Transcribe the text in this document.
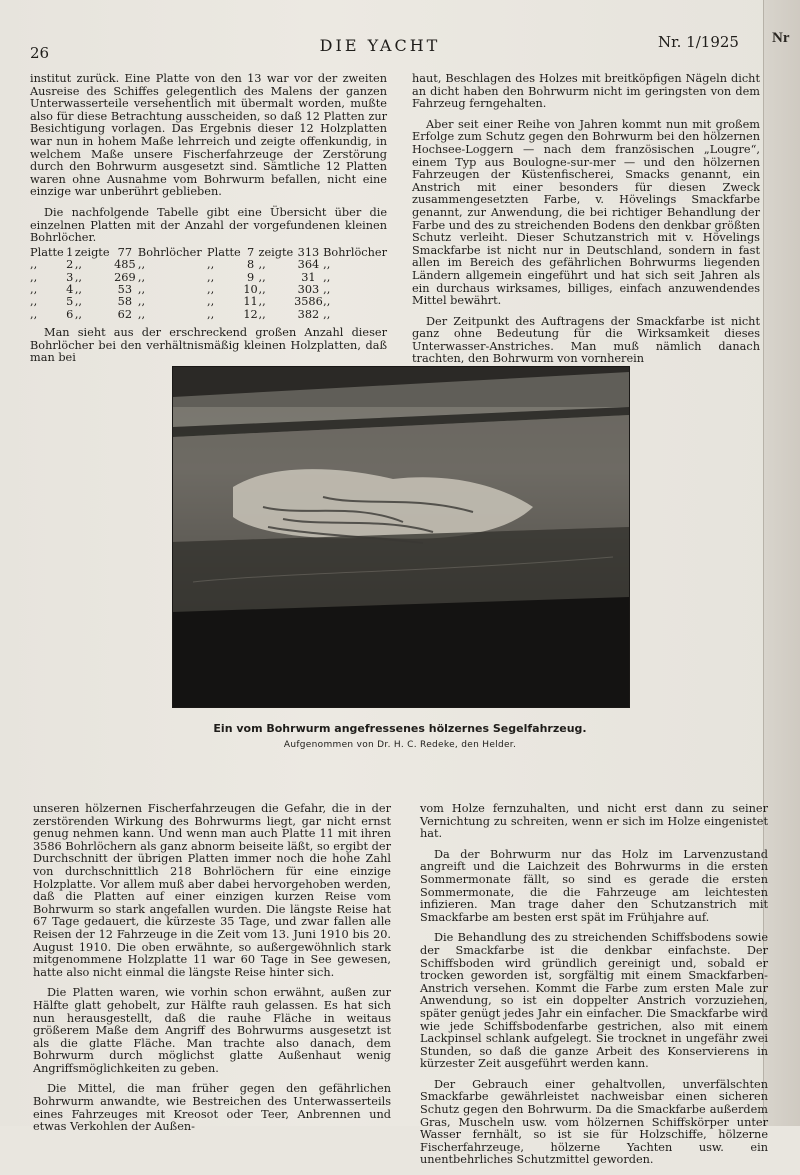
Nr
26	DIE YACHT	Nr. 1/1925

institut zurück. Eine Platte von den 13 war vor der zweiten Ausreise des Schiffes gelegentlich des Malens der ganzen Unterwasserteile versehentlich mit übermalt worden, mußte also für diese Betrachtung ausscheiden, so daß 12 Platten zur Besichtigung vorlagen. Das Ergebnis dieser 12 Holzplatten war nun in hohem Maße lehrreich und zeigte offenkundig, in welchem Maße unsere Fischerfahrzeuge der Zerstörung durch den Bohrwurm ausgesetzt sind. Sämtliche 12 Platten waren ohne Ausnahme vom Bohrwurm befallen, nicht eine einzige war unberührt geblieben.

Die nachfolgende Tabelle gibt eine Übersicht über die einzelnen Platten mit der Anzahl der vorgefundenen kleinen Bohrlöcher.

Platte	1	zeigte	77	Bohrlöcher	Platte	7	zeigte	313	Bohrlöcher
,,	2	,,	485	,,	,,	8	,,	364	,,
,,	3	,,	269	,,	,,	9	,,	31	,,
,,	4	,,	53	,,	,,	10	,,	303	,,
,,	5	,,	58	,,	,,	11	,,	3586	,,
,,	6	,,	62	,,	,,	12	,,	382	,,

Man sieht aus der erschreckend großen Anzahl dieser Bohrlöcher bei den verhältnismäßig kleinen Holzplatten, daß man bei

haut, Beschlagen des Holzes mit breitköpfigen Nägeln dicht an dicht haben den Bohrwurm nicht im geringsten von dem Fahrzeug ferngehalten.

Aber seit einer Reihe von Jahren kommt nun mit großem Erfolge zum Schutz gegen den Bohrwurm bei den hölzernen Hochsee-Loggern — nach dem französischen „Lougre“, einem Typ aus Boulogne-sur-mer — und den hölzernen Fahrzeugen der Küstenfischerei, Smacks genannt, ein Anstrich mit einer besonders für diesen Zweck zusammengesetzten Farbe, v. Hövelings Smackfarbe genannt, zur Anwendung, die bei richtiger Behandlung der Farbe und des zu streichenden Bodens den denkbar größten Schutz verleiht. Dieser Schutzanstrich mit v. Hövelings Smackfarbe ist nicht nur in Deutschland, sondern in fast allen im Bereich des gefährlichen Bohrwurms liegenden Ländern allgemein eingeführt und hat sich seit Jahren als ein durchaus wirksames, billiges, einfach anzuwendendes Mittel bewährt.

Der Zeitpunkt des Auftragens der Smackfarbe ist nicht ganz ohne Bedeutung für die Wirksamkeit dieses Unterwasser-Anstriches. Man muß nämlich danach trachten, den Bohrwurm von vornherein

Ein vom Bohrwurm angefressenes hölzernes Segelfahrzeug.
Aufgenommen von Dr. H. C. Redeke, den Helder.

unseren hölzernen Fischerfahrzeugen die Gefahr, die in der zerstörenden Wirkung des Bohrwurms liegt, gar nicht ernst genug nehmen kann. Und wenn man auch Platte 11 mit ihren 3586 Bohrlöchern als ganz abnorm beiseite läßt, so ergibt der Durchschnitt der übrigen Platten immer noch die hohe Zahl von durchschnittlich 218 Bohrlöchern für eine einzige Holzplatte. Vor allem muß aber dabei hervorgehoben werden, daß die Platten auf einer einzigen kurzen Reise vom Bohrwurm so stark angefallen wurden. Die längste Reise hat 67 Tage gedauert, die kürzeste 35 Tage, und zwar fallen alle Reisen der 12 Fahrzeuge in die Zeit vom 13. Juni 1910 bis 20. August 1910. Die oben erwähnte, so außergewöhnlich stark mitgenommene Holzplatte 11 war 60 Tage in See gewesen, hatte also nicht einmal die längste Reise hinter sich.

Die Platten waren, wie vorhin schon erwähnt, außen zur Hälfte glatt gehobelt, zur Hälfte rauh gelassen. Es hat sich nun herausgestellt, daß die rauhe Fläche in weitaus größerem Maße dem Angriff des Bohrwurms ausgesetzt ist als die glatte Fläche. Man trachte also danach, dem Bohrwurm durch möglichst glatte Außenhaut wenig Angriffsmöglichkeiten zu geben.

Die Mittel, die man früher gegen den gefährlichen Bohrwurm anwandte, wie Bestreichen des Unterwasserteils eines Fahrzeuges mit Kreosot oder Teer, Anbrennen und etwas Verkohlen der Außen-

vom Holze fernzuhalten, und nicht erst dann zu seiner Vernichtung zu schreiten, wenn er sich im Holze eingenistet hat.

Da der Bohrwurm nur das Holz im Larvenzustand angreift und die Laichzeit des Bohrwurms in die ersten Sommermonate fällt, so sind es gerade die ersten Sommermonate, die die Fahrzeuge am leichtesten infizieren. Man trage daher den Schutzanstrich mit Smackfarbe am besten erst spät im Frühjahre auf.

Die Behandlung des zu streichenden Schiffsbodens sowie der Smackfarbe ist die denkbar einfachste. Der Schiffsboden wird gründlich gereinigt und, sobald er trocken geworden ist, sorgfältig mit einem Smackfarben-Anstrich versehen. Kommt die Farbe zum ersten Male zur Anwendung, so ist ein doppelter Anstrich vorzuziehen, später genügt jedes Jahr ein einfacher. Die Smackfarbe wird wie jede Schiffsbodenfarbe gestrichen, also mit einem Lackpinsel schlank aufgelegt. Sie trocknet in ungefähr zwei Stunden, so daß die ganze Arbeit des Konservierens in kürzester Zeit ausgeführt werden kann.

Der Gebrauch einer gehaltvollen, unverfälschten Smackfarbe gewährleistet nachweisbar einen sicheren Schutz gegen den Bohrwurm. Da die Smackfarbe außerdem Gras, Muscheln usw. vom hölzernen Schiffskörper unter Wasser fernhält, so ist sie für Holzschiffe, hölzerne Fischerfahrzeuge, hölzerne Yachten usw. ein unentbehrliches Schutzmittel geworden.
